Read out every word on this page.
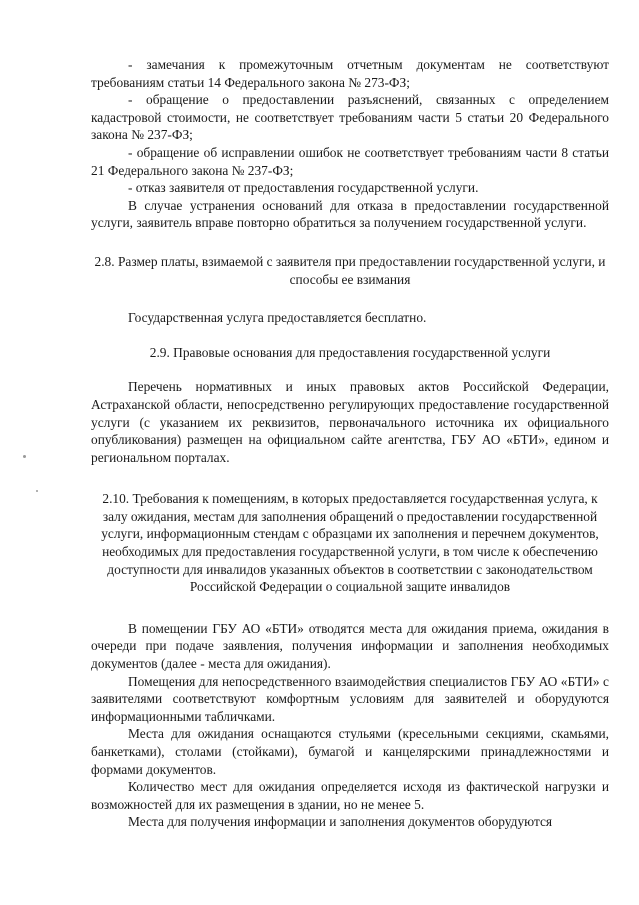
- замечания к промежуточным отчетным документам не соответствуют требованиям статьи 14 Федерального закона № 273-ФЗ;

- обращение о предоставлении разъяснений, связанных с определением кадастровой стоимости, не соответствует требованиям части 5 статьи 20 Федерального закона № 237-ФЗ;

- обращение об исправлении ошибок не соответствует требованиям части 8 статьи 21 Федерального закона № 237-ФЗ;

- отказ заявителя от предоставления государственной услуги.

В случае устранения оснований для отказа в предоставлении государственной услуги, заявитель вправе повторно обратиться за получением государственной услуги.

2.8. Размер платы, взимаемой с заявителя при предоставлении государственной услуги, и способы ее взимания

Государственная услуга предоставляется бесплатно.

2.9. Правовые основания для предоставления государственной услуги

Перечень нормативных и иных правовых актов Российской Федерации, Астраханской области, непосредственно регулирующих предоставление государственной услуги (с указанием их реквизитов, первоначального источника их официального опубликования) размещен на официальном сайте агентства, ГБУ АО «БТИ», едином и региональном порталах.

2.10. Требования к помещениям, в которых предоставляется государственная услуга, к залу ожидания, местам для заполнения обращений о предоставлении государственной услуги, информационным стендам с образцами их заполнения и перечнем документов, необходимых для предоставления государственной услуги, в том числе к обеспечению доступности для инвалидов указанных объектов в соответствии с законодательством Российской Федерации о социальной защите инвалидов

В помещении ГБУ АО «БТИ» отводятся места для ожидания приема, ожидания в очереди при подаче заявления, получения информации и заполнения необходимых документов (далее - места для ожидания).

Помещения для непосредственного взаимодействия специалистов ГБУ АО «БТИ» с заявителями соответствуют комфортным условиям для заявителей и оборудуются информационными табличками.

Места для ожидания оснащаются стульями (кресельными секциями, скамьями, банкетками), столами (стойками), бумагой и канцелярскими принадлежностями и формами документов.

Количество мест для ожидания определяется исходя из фактической нагрузки и возможностей для их размещения в здании, но не менее 5.

Места для получения информации и заполнения документов оборудуются
